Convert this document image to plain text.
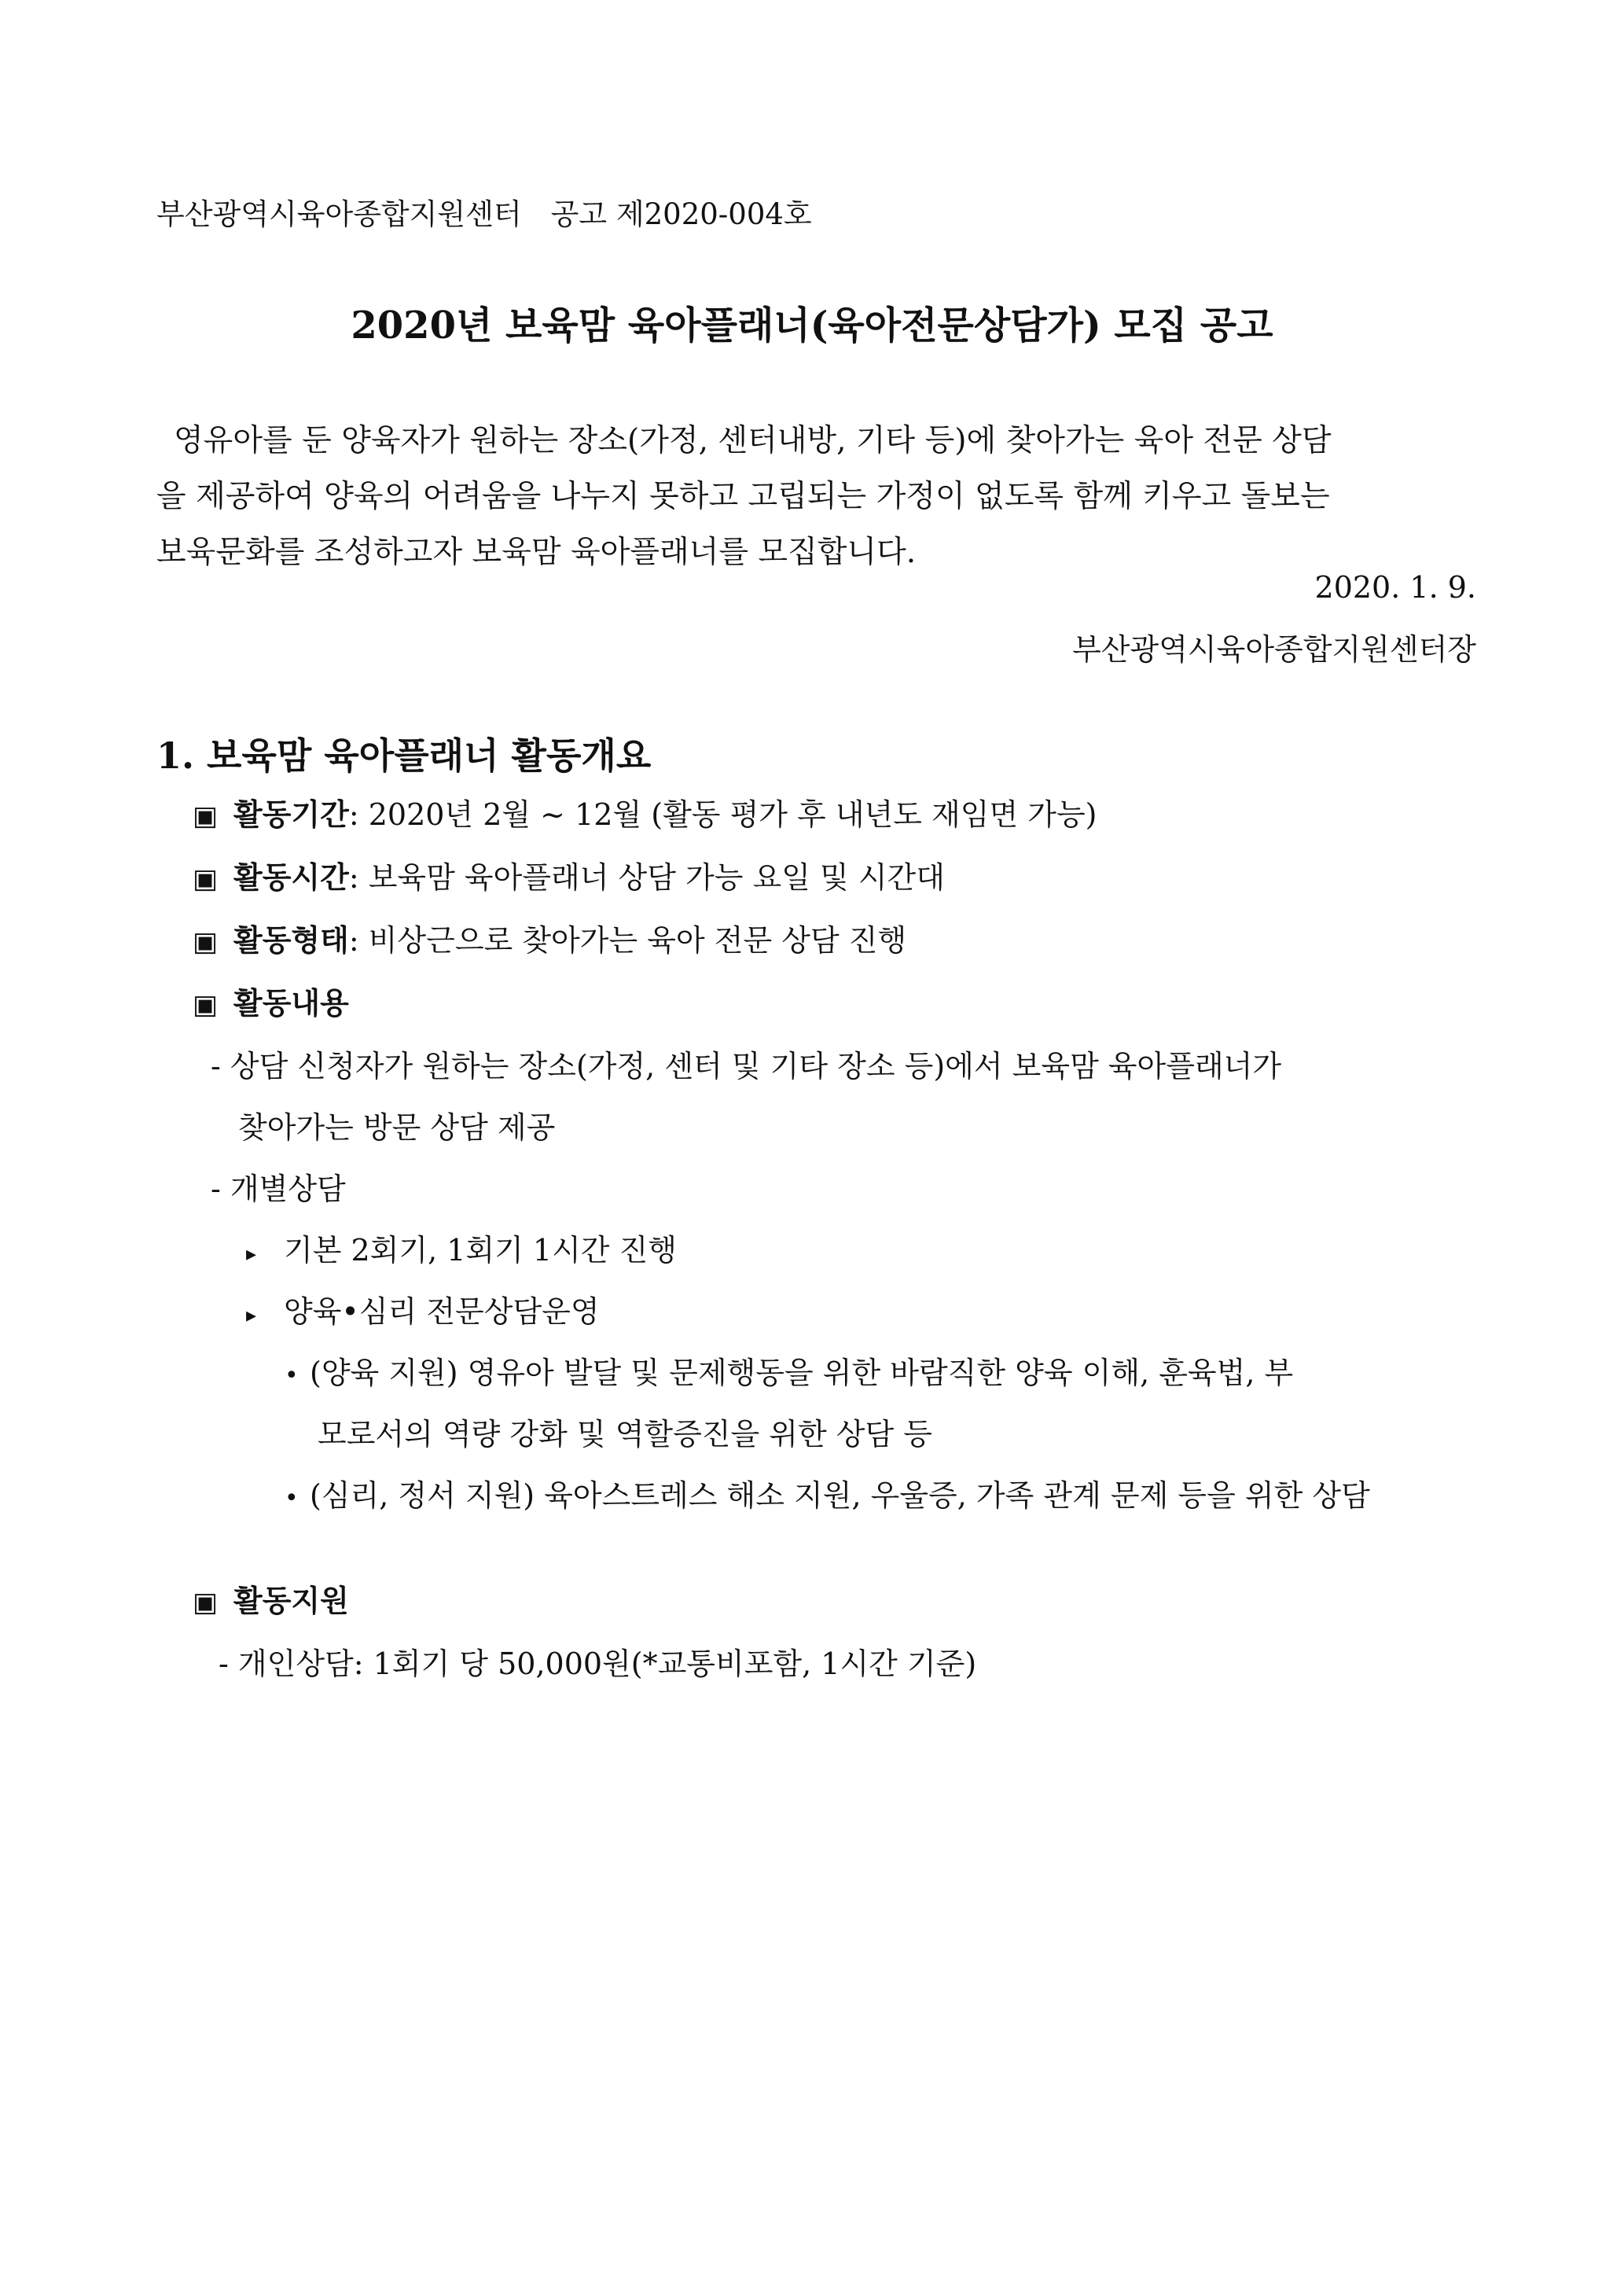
부산광역시육아종합지원센터　공고 제2020-004호
2020년 보육맘 육아플래너(육아전문상담가) 모집 공고
영유아를 둔 양육자가 원하는 장소(가정, 센터내방, 기타 등)에 찾아가는 육아 전문 상담
을 제공하여 양육의 어려움을 나누지 못하고 고립되는 가정이 없도록 함께 키우고 돌보는
보육문화를 조성하고자 보육맘 육아플래너를 모집합니다.
2020. 1. 9.
부산광역시육아종합지원센터장
1. 보육맘 육아플래너 활동개요
▣ 활동기간: 2020년 2월 ~ 12월 (활동 평가 후 내년도 재임면 가능)
▣ 활동시간: 보육맘 육아플래너 상담 가능 요일 및 시간대
▣ 활동형태: 비상근으로 찾아가는 육아 전문 상담 진행
▣ 활동내용
- 상담 신청자가 원하는 장소(가정, 센터 및 기타 장소 등)에서 보육맘 육아플래너가
찾아가는 방문 상담 제공
- 개별상담
▸ 기본 2회기, 1회기 1시간 진행
▸ 양육•심리 전문상담운영
• (양육 지원) 영유아 발달 및 문제행동을 위한 바람직한 양육 이해, 훈육법, 부
모로서의 역량 강화 및 역할증진을 위한 상담 등
• (심리, 정서 지원) 육아스트레스 해소 지원, 우울증, 가족 관계 문제 등을 위한 상담
▣ 활동지원
- 개인상담: 1회기 당 50,000원(*교통비포함, 1시간 기준)
